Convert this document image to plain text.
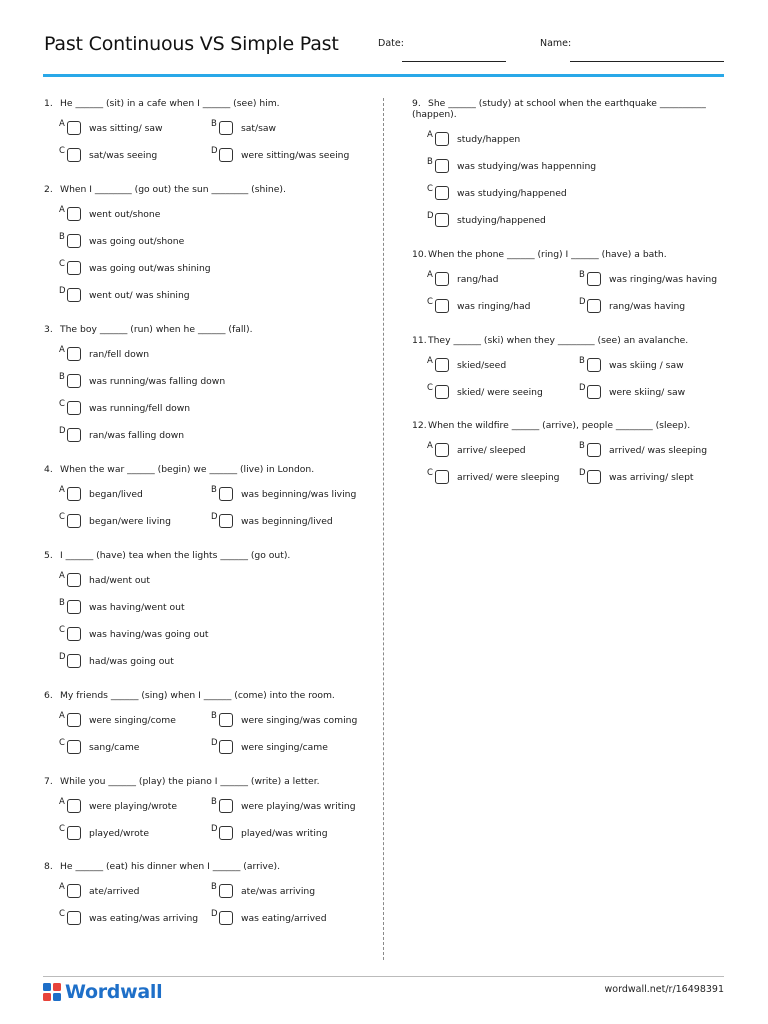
Past Continuous VS Simple Past	Date:	Name:
1. He ______ (sit) in a cafe when I ______ (see) him.
A	was sitting/ saw	B	sat/saw
C	sat/was seeing	D	were sitting/was seeing
2. When I ________ (go out) the sun ________ (shine).
A	went out/shone
B	was going out/shone
C	was going out/was shining
D	went out/ was shining
3. The boy ______ (run) when he ______ (fall).
A	ran/fell down
B	was running/was falling down
C	was running/fell down
D	ran/was falling down
4. When the war ______ (begin) we ______ (live) in London.
A	began/lived	B	was beginning/was living
C	began/were living	D	was beginning/lived
5. I ______ (have) tea when the lights ______ (go out).
A	had/went out
B	was having/went out
C	was having/was going out
D	had/was going out
6. My friends ______ (sing) when I ______ (come) into the room.
A	were singing/come	B	were singing/was coming
C	sang/came	D	were singing/came
7. While you ______ (play) the piano I ______ (write) a letter.
A	were playing/wrote	B	were playing/was writing
C	played/wrote	D	played/was writing
8. He ______ (eat) his dinner when I ______ (arrive).
A	ate/arrived	B	ate/was arriving
C	was eating/was arriving D	was eating/arrived
9. She ______ (study) at school when the earthquake __________ (happen).
A	study/happen
B	was studying/was happenning
C	was studying/happened
D	studying/happened
10.When the phone ______ (ring) I ______ (have) a bath.
A	rang/had	B	was ringing/was having
C	was ringing/had	D	rang/was having
11.They ______ (ski) when they ________ (see) an avalanche.
A	skied/seed	B	was skiing / saw
C	skied/ were seeing	D	were skiing/ saw
12.When the wildfire ______ (arrive), people ________ (sleep).
A	arrive/ sleeped	B	arrived/ was sleeping
C	arrived/ were sleeping D	was arriving/ slept
Wordwall	wordwall.net/r/16498391
